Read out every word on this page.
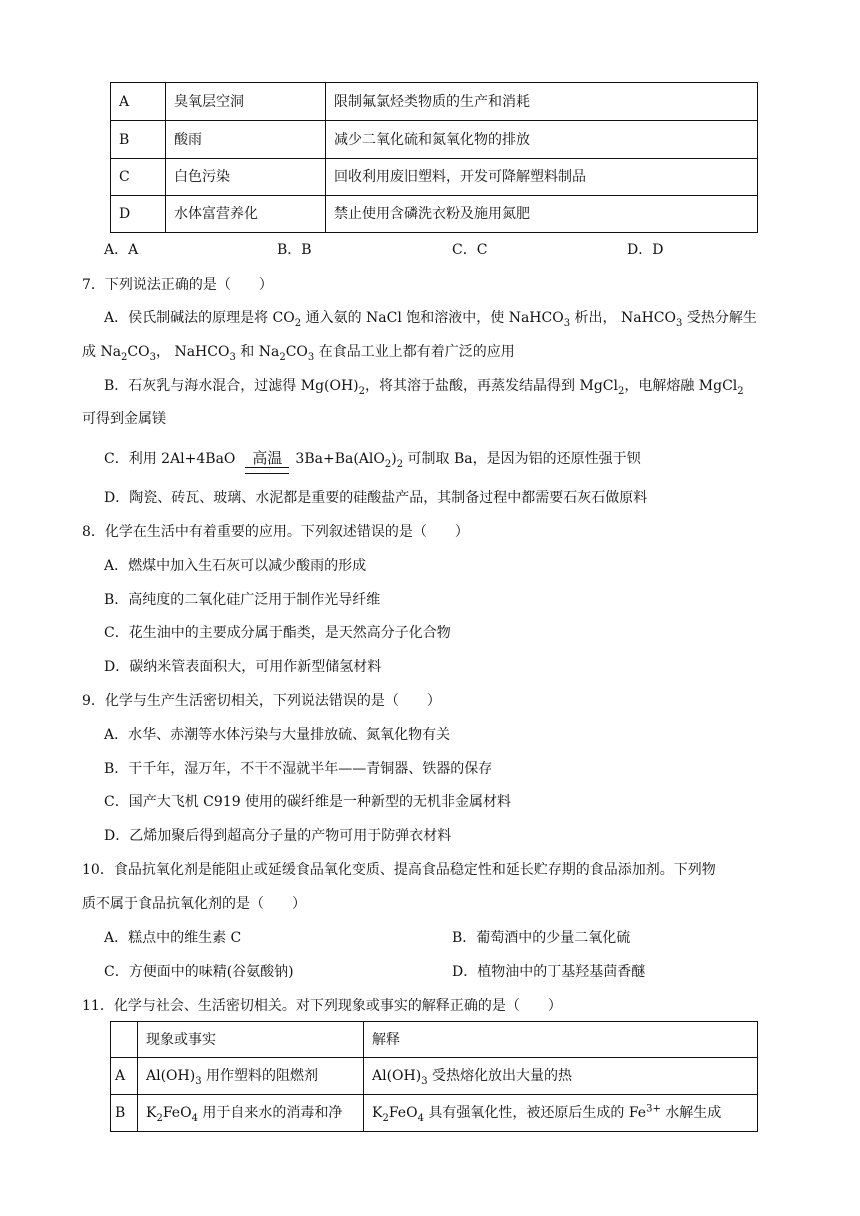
A	臭氧层空洞	限制氟氯烃类物质的生产和消耗
B	酸雨	减少二氧化硫和氮氧化物的排放
C	白色污染	回收利用废旧塑料，开发可降解塑料制品
D	水体富营养化	禁止使用含磷洗衣粉及施用氮肥
A．A	B．B	C．C	D．D
7．下列说法正确的是（　　）
A．侯氏制碱法的原理是将 $CO_2$ 通入氨的 NaCl 饱和溶液中，使 NaHCO$_3$ 析出， NaHCO$_3$ 受热分解生
成 $Na_2CO_3$， NaHCO$_3$ 和 $Na_2CO_3$ 在食品工业上都有着广泛的应用
B．石灰乳与海水混合，过滤得 $Mg(OH)_2$，将其溶于盐酸，再蒸发结晶得到 MgCl$_2$，电解熔融 MgCl$_2$
可得到金属镁
C．利用 2Al+4BaO	高温 $3Ba+Ba(AlO_2)_2$ 可制取 Ba，是因为铝的还原性强于钡
D．陶瓷、砖瓦、玻璃、水泥都是重要的硅酸盐产品，其制备过程中都需要石灰石做原料
8．化学在生活中有着重要的应用。下列叙述错误的是（　　）
A．燃煤中加入生石灰可以减少酸雨的形成
B．高纯度的二氧化硅广泛用于制作光导纤维
C．花生油中的主要成分属于酯类，是天然高分子化合物
D．碳纳米管表面积大，可用作新型储氢材料
9．化学与生产生活密切相关，下列说法错误的是（　　）
A．水华、赤潮等水体污染与大量排放硫、氮氧化物有关
B．干千年，湿万年，不干不湿就半年——青铜器、铁器的保存
C．国产大飞机 C919 使用的碳纤维是一种新型的无机非金属材料
D．乙烯加聚后得到超高分子量的产物可用于防弹衣材料
10．食品抗氧化剂是能阻止或延缓食品氧化变质、提高食品稳定性和延长贮存期的食品添加剂。下列物
质不属于食品抗氧化剂的是（　　）
A．糕点中的维生素 C	B．葡萄酒中的少量二氧化硫
C．方便面中的味精(谷氨酸钠)	D．植物油中的丁基羟基茴香醚
11．化学与社会、生活密切相关。对下列现象或事实的解释正确的是（　　）
	现象或事实	解释
A	$Al(OH)_3$ 用作塑料的阻燃剂	$Al(OH)_3$ 受热熔化放出大量的热
B	$K_2FeO_4$ 用于自来水的消毒和净	$K_2FeO_4$ 具有强氧化性，被还原后生成的 $Fe^{3+}$ 水解生成
